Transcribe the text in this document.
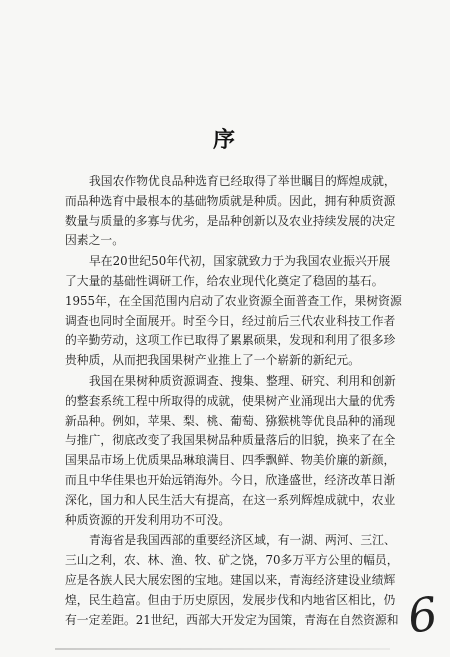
序

我国农作物优良品种选育已经取得了举世瞩目的辉煌成就，
而品种选育中最根本的基础物质就是种质。因此，拥有种质资源
数量与质量的多寡与优劣，是品种创新以及农业持续发展的决定
因素之一。

早在20世纪50年代初，国家就致力于为我国农业振兴开展
了大量的基础性调研工作，给农业现代化奠定了稳固的基石。
1955年，在全国范围内启动了农业资源全面普查工作，果树资源
调查也同时全面展开。时至今日，经过前后三代农业科技工作者
的辛勤劳动，这项工作已取得了累累硕果，发现和利用了很多珍
贵种质，从而把我国果树产业推上了一个崭新的新纪元。

我国在果树种质资源调查、搜集、整理、研究、利用和创新
的整套系统工程中所取得的成就，使果树产业涌现出大量的优秀
新品种。例如，苹果、梨、桃、葡萄、猕猴桃等优良品种的涌现
与推广，彻底改变了我国果树品种质量落后的旧貌，换来了在全
国果品市场上优质果品琳琅满目、四季飘鲜、物美价廉的新颜，
而且中华佳果也开始远销海外。今日，欣逢盛世，经济改革日渐
深化，国力和人民生活大有提高，在这一系列辉煌成就中，农业
种质资源的开发利用功不可没。

青海省是我国西部的重要经济区域，有一湖、两河、三江、
三山之利，农、林、渔、牧、矿之饶，70多万平方公里的幅员，
应是各族人民大展宏图的宝地。建国以来，青海经济建设业绩辉
煌，民生趋富。但由于历史原因，发展步伐和内地省区相比，仍
有一定差距。21世纪，西部大开发定为国策，青海在自然资源和 6
